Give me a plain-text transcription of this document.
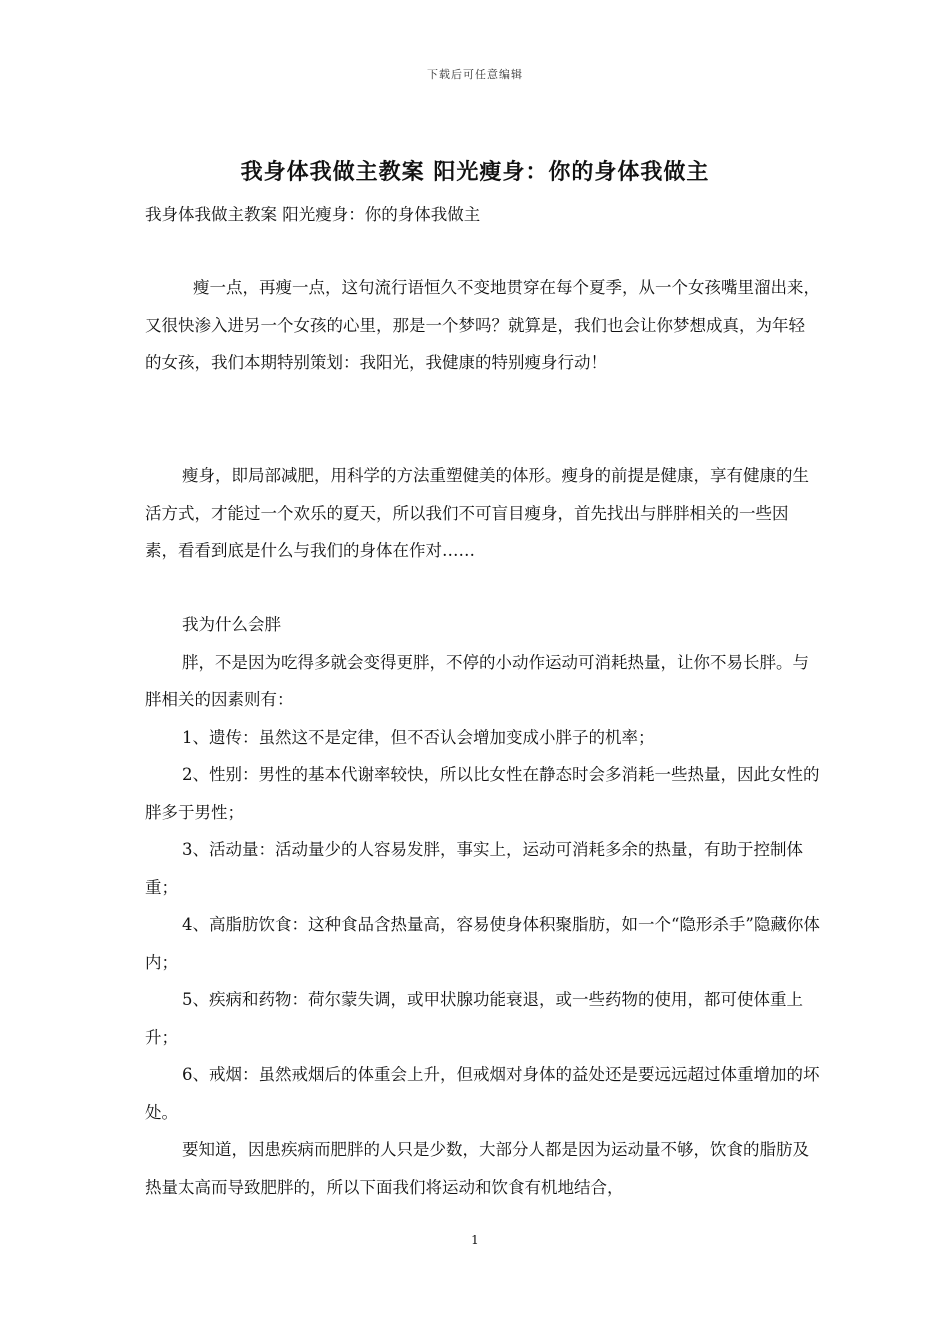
下载后可任意编辑
我身体我做主教案 阳光瘦身：你的身体我做主
我身体我做主教案 阳光瘦身：你的身体我做主
瘦一点，再瘦一点，这句流行语恒久不变地贯穿在每个夏季，从一个女孩嘴里溜出来，又很快渗入进另一个女孩的心里，那是一个梦吗？就算是，我们也会让你梦想成真，为年轻的女孩，我们本期特别策划：我阳光，我健康的特别瘦身行动！
瘦身，即局部减肥，用科学的方法重塑健美的体形。瘦身的前提是健康，享有健康的生活方式，才能过一个欢乐的夏天，所以我们不可盲目瘦身，首先找出与胖胖相关的一些因素，看看到底是什么与我们的身体在作对……

我为什么会胖

胖，不是因为吃得多就会变得更胖，不停的小动作运动可消耗热量，让你不易长胖。与胖相关的因素则有：

1、遗传：虽然这不是定律，但不否认会增加变成小胖子的机率；

2、性别：男性的基本代谢率较快，所以比女性在静态时会多消耗一些热量，因此女性的胖多于男性；

3、活动量：活动量少的人容易发胖，事实上，运动可消耗多余的热量，有助于控制体重；

4、高脂肪饮食：这种食品含热量高，容易使身体积聚脂肪，如一个“隐形杀手”隐藏你体内；

5、疾病和药物：荷尔蒙失调，或甲状腺功能衰退，或一些药物的使用，都可使体重上升；

6、戒烟：虽然戒烟后的体重会上升，但戒烟对身体的益处还是要远远超过体重增加的坏处。

要知道，因患疾病而肥胖的人只是少数，大部分人都是因为运动量不够，饮食的脂肪及热量太高而导致肥胖的，所以下面我们将运动和饮食有机地结合，

1
